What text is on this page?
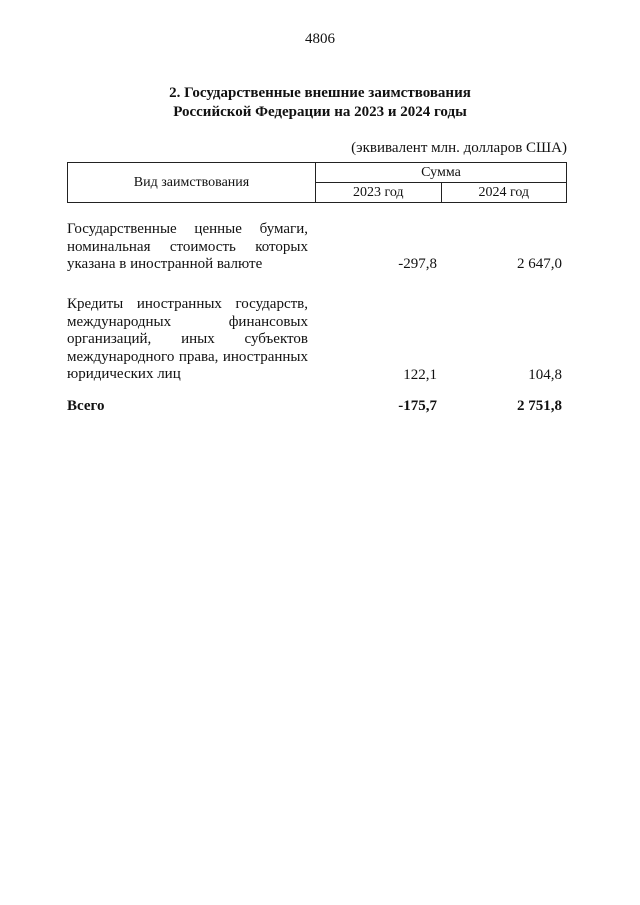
4806
2. Государственные внешние заимствования
Российской Федерации на 2023 и 2024 годы
(эквивалент млн. долларов США)
Вид заимствования	Сумма	
	2023 год	2024 год
Государственные ценные бумаги, номинальная стоимость которых указана в иностранной валюте	-297,8	2 647,0
Кредиты иностранных государств, международных финансовых организаций, иных субъектов международного права, иностранных юридических лиц	122,1	104,8
Всего	-175,7	2 751,8
